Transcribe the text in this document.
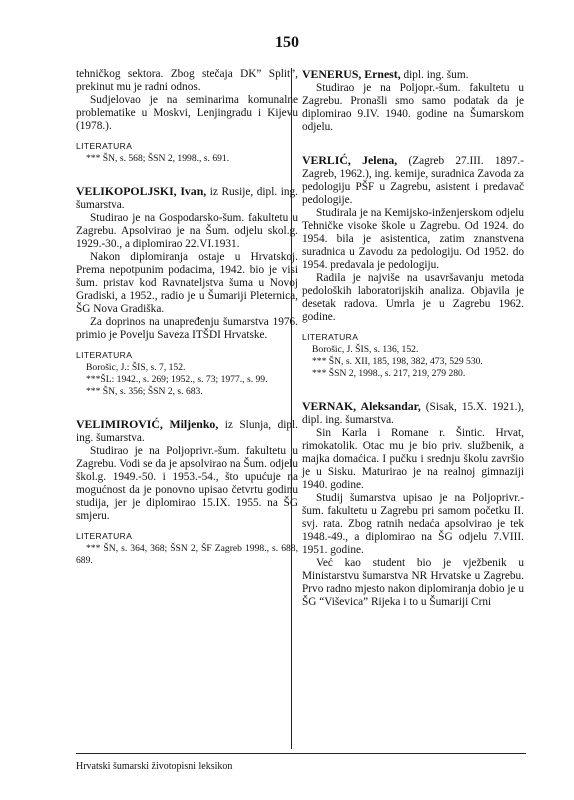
150

tehničkog sektora. Zbog stečaja DK” Split”, prekinut mu je radni odnos.

Sudjelovao je na seminarima komunalne problematike u Moskvi, Lenjingradu i Kijevu (1978.).

LITERATURA

*** ŠN, s. 568; ŠSN 2, 1998., s. 691.

VELIKOPOLJSKI, Ivan, iz Rusije, dipl. ing. šumarstva.

Studirao je na Gospodarsko-šum. fakultetu u Zagrebu. Apsolvirao je na Šum. odjelu skol.g. 1929.-30., a diplomirao 22.VI.1931.

Nakon diplomiranja ostaje u Hrvatskoj. Prema nepotpunim podacima, 1942. bio je visi šum. pristav kod Ravnateljstva šuma u Novoj Gradiski, a 1952., radio je u Šumariji Pleternica, ŠG Nova Gradiška.

Za doprinos na unapređenju šumarstva 1976. primio je Povelju Saveza ITŠDI Hrvatske.

LITERATURA

Borošic, J.: ŠIS, s. 7, 152.

***ŠL: 1942., s. 269; 1952., s. 73; 1977., s. 99.

*** ŠN, s. 356; ŠSN 2, s. 683.

VELIMIROVIĆ, Miljenko, iz Slunja, dipl. ing. šumarstva.

Studirao je na Poljoprivr.-šum. fakultetu u Zagrebu. Vodi se da je apsolvirao na Šum. odjelu škol.g. 1949.-50. i 1953.-54., što upućuje na mogućnost da je ponovno upisao četvrtu godinu studija, jer je diplomirao 15.IX. 1955. na ŠG smjeru.

LITERATURA

*** ŠN, s. 364, 368; ŠSN 2, ŠF Zagreb 1998., s. 688, 689.

VENERUS, Ernest, dipl. ing. šum.

Studirao je na Poljopr.-šum. fakultetu u Zagrebu. Pronašli smo samo podatak da je diplomirao 9.IV. 1940. godine na Šumarskom odjelu.

VERLIĆ, Jelena, (Zagreb 27.III. 1897.- Zagreb, 1962.), ing. kemije, suradnica Zavoda za pedologiju PŠF u Zagrebu, asistent i predavač pedologije.

Studirala je na Kemijsko-inženjerskom odjelu Tehničke visoke škole u Zagrebu. Od 1924. do 1954. bila je asistentica, zatim znanstvena suradnica u Zavodu za pedologiju. Od 1952. do 1954. predavala je pedologiju.

Radila je najviše na usavršavanju metoda pedoloških laboratorijskih analiza. Objavila je desetak radova. Umrla je u Zagrebu 1962. godine.

LITERATURA

Borošic, J. ŠIS, s. 136, 152.

*** ŠN, s. XII, 185, 198, 382, 473, 529 530.

*** ŠSN 2, 1998., s. 217, 219, 279 280.

VERNAK, Aleksandar, (Sisak, 15.X. 1921.), dipl. ing. šumarstva.

Sin Karla i Romane r. Šintic. Hrvat, rimokatolik. Otac mu je bio priv. službenik, a majka domaćica. I pučku i srednju školu završio je u Sisku. Maturirao je na realnoj gimnaziji 1940. godine.

Studij šumarstva upisao je na Poljoprivr.-šum. fakultetu u Zagrebu pri samom početku II. svj. rata. Zbog ratnih nedaća apsolvirao je tek 1948.-49., a diplomirao na ŠG odjelu 7.VIII. 1951. godine.

Već kao student bio je vježbenik u Ministarstvu šumarstva NR Hrvatske u Zagrebu. Prvo radno mjesto nakon diplomiranja dobio je u ŠG “Viševica” Rijeka i to u Šumariji Crni

Hrvatski šumarski životopisni leksikon
